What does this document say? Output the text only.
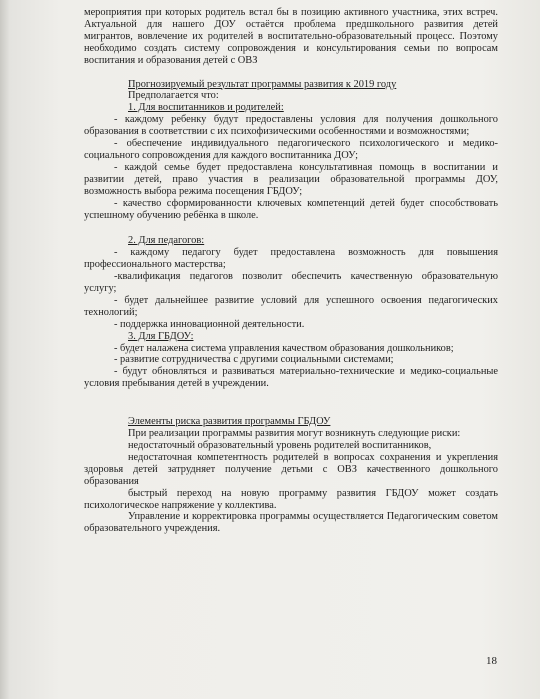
мероприятия при которых родитель встал бы в позицию активного участника, этих встреч.

Актуальной для нашего ДОУ остаётся проблема предшкольного развития детей

мигрантов, вовлечение их родителей в воспитательно-образовательный процесс. Поэтому

необходимо создать систему сопровождения и консультирования семьи по вопросам

воспитания и образования детей с ОВЗ

Прогнозируемый результат программы развития к 2019 году

Предполагается что:

1. Для воспитанников и родителей:

- каждому ребенку будут предоставлены условия для получения дошкольного

образования в соответствии с их психофизическими особенностями и возможностями;

- обеспечение индивидуального педагогического психологического и медико-

социального сопровождения для каждого воспитанника ДОУ;

- каждой семье будет предоставлена консультативная помощь в воспитании и

развитии детей, право участия в реализации образовательной программы ДОУ,

возможность выбора режима посещения ГБДОУ;

- качество сформированности ключевых компетенций детей будет способствовать

успешному обучению ребёнка в школе.

2. Для педагогов:

- каждому педагогу будет предоставлена возможность для повышения

профессионального мастерства;

-квалификация педагогов позволит обеспечить качественную образовательную

услугу;

- будет дальнейшее развитие условий для успешного освоения педагогических

технологий;

- поддержка инновационной деятельности.

3. Для ГБДОУ:

- будет налажена система управления качеством образования дошкольников;

- развитие сотрудничества с другими социальными системами;

- будут обновляться и развиваться материально-технические и медико-социальные

условия пребывания детей в учреждении.

Элементы риска развития программы ГБДОУ

При реализации программы развития могут возникнуть следующие риски:

недостаточный образовательный уровень родителей воспитанников,

недостаточная компетентность родителей в вопросах сохранения и укрепления

здоровья детей затрудняет получение детьми с ОВЗ качественного дошкольного

образования

быстрый переход на новую программу развития ГБДОУ может создать

психологическое напряжение у коллектива.

Управление и корректировка программы осуществляется Педагогическим советом

образовательного учреждения.

18
